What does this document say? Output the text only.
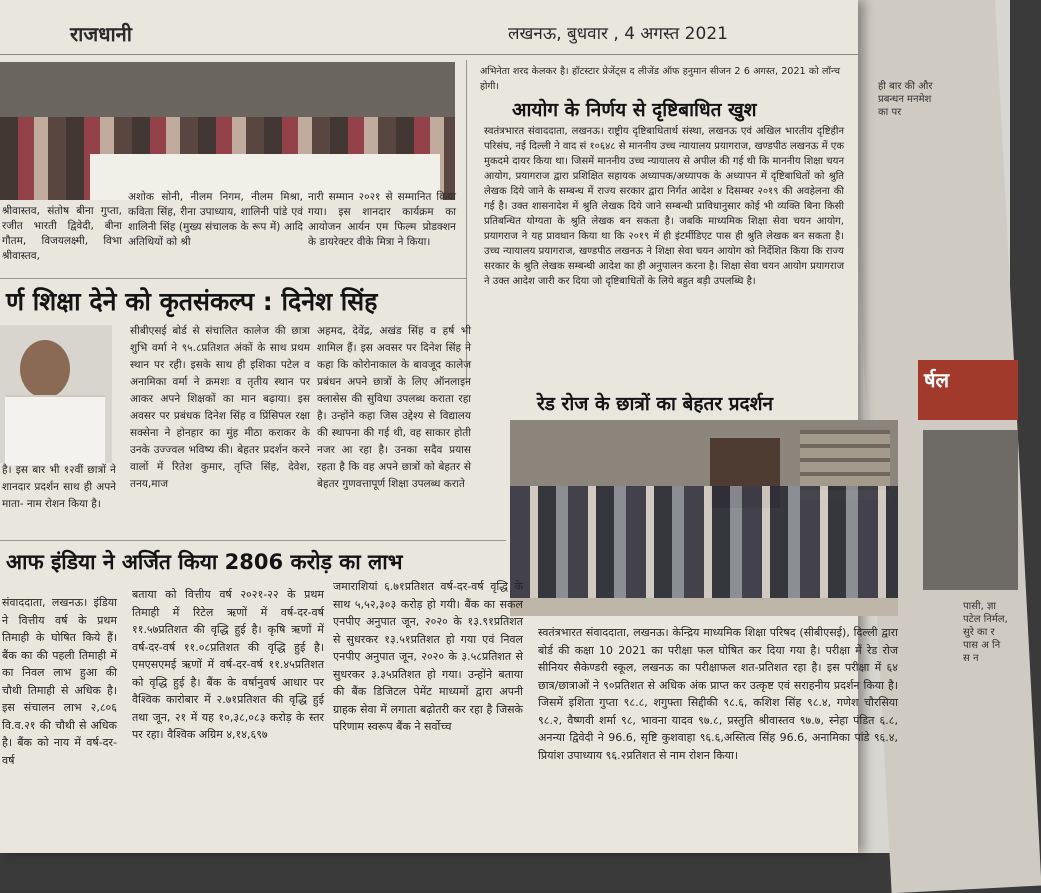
ही बार की और प्रबन्धन मनमेश का पर
र्षल
पासी, ज्ञा पटेल निर्मल, सुरे का र पास अ नि स न
राजधानी	लखनऊ, बुधवार , 4 अगस्त 2021
श्रीवास्तव, संतोष बीना गुप्ता, रजीत भारती द्विवेदी, बीना गौतम, विजयलक्ष्मी, विभा श्रीवास्तव,
अशोक सोनी, नीलम निगम, नीलम मिश्रा, कविता सिंह, रीना उपाध्याय, शालिनी पांडे एवं शालिनी सिंह (मुख्य संचालक के रूप में) आदि अतिथियों को श्री
नारी सम्मान २०२१ से सम्मानित किया गया। इस शानदार कार्यक्रम का आयोजन आर्यन एम फिल्म प्रोडक्शन के डायरेक्टर वीके मित्रा ने किया।
अभिनेता शरद केलकर है। हॉटस्टार प्रेजेंट्स द लीजेंड ऑफ हनुमान सीजन 2 6 अगस्त, 2021 को लॉन्च होगी।
आयोग के निर्णय से दृष्टिबाधित खुश
स्वतंत्रभारत संवाददाता, लखनऊ। राष्ट्रीय दृष्टिबाधितार्थ संस्था, लखनऊ एवं अखिल भारतीय दृष्टिहीन परिसंघ, नई दिल्ली ने वाद सं १०६४८ से माननीय उच्च न्यायालय प्रयागराज, खण्डपीठ लखनऊ में एक मुकदमे दायर किया था। जिसमें माननीय उच्च न्यायालय से अपील की गई थी कि माननीय शिक्षा चयन आयोग, प्रयागराज द्वारा प्रशिक्षित सहायक अध्यापक/अध्यापक के अध्यापन में दृष्टिबाधितों को श्रुति लेखक दिये जाने के सम्बन्ध में राज्य सरकार द्वारा निर्गत आदेश ४ दिसम्बर २०१९ की अवहेलना की गई है। उक्त शासनादेश में श्रुति लेखक दिये जाने सम्बन्धी प्राविधानुसार कोई भी व्यक्ति बिना किसी प्रतिबन्धित योग्यता के श्रुति लेखक बन सकता है। जबकि माध्यमिक शिक्षा सेवा चयन आयोग, प्रयागराज ने यह प्रावधान किया था कि २०१९ में ही इंटर्मीडिएट पास ही श्रुति लेखक बन सकता है। उच्च न्यायालय प्रयागराज, खण्डपीठ लखनऊ ने शिक्षा सेवा चयन आयोग को निर्देशित किया कि राज्य सरकार के श्रुति लेखक सम्बन्धी आदेश का ही अनुपालन करना है। शिक्षा सेवा चयन आयोग प्रयागराज ने उक्त आदेश जारी कर दिया जो दृष्टिबाधितों के लिये बहुत बड़ी उपलब्धि है।
र्ण शिक्षा देने को कृतसंकल्प : दिनेश सिंह
है। इस बार भी १२वीं छात्रों ने शानदार प्रदर्शन साथ ही अपने माता- नाम रोशन किया है।
सीबीएसई बोर्ड से संचालित कालेज की छात्रा शुभि वर्मा ने ९५.८प्रतिशत अंकों के साथ प्रथम स्थान पर रही। इसके साथ ही इशिका पटेल व अनामिका वर्मा ने क्रमशः व तृतीय स्थान पर आकर अपने शिक्षकों का मान बढ़ाया। इस अवसर पर प्रबंधक दिनेश सिंह व प्रिंसिपल रक्षा सक्सेना ने होनहार का मुंह मीठा कराकर के उनके उज्ज्वल भविष्य की। बेहतर प्रदर्शन करने वालों में रितेश कुमार, तृप्ति सिंह, देवेश, तनय,माज
अहमद, देवेंद्र, अखंड सिंह व हर्ष भी शामिल हैं। इस अवसर पर दिनेश सिंह ने कहा कि कोरोनाकाल के बावजूद कालेज प्रबंधन अपने छात्रों के लिए ऑनलाइन क्लासेस की सुविधा उपलब्ध कराता रहा है। उन्होंने कहा जिस उद्देश्य से विद्यालय की स्थापना की गई थी, वह साकार होती नजर आ रहा है। उनका सदैव प्रयास रहता है कि वह अपने छात्रों को बेहतर से बेहतर गुणवत्तापूर्ण शिक्षा उपलब्ध कराते
रेड रोज के छात्रों का बेहतर प्रदर्शन
स्वतंत्रभारत संवाददाता, लखनऊ। केन्द्रिय माध्यमिक शिक्षा परिषद (सीबीएसई), दिल्ली द्वारा बोर्ड की कक्षा 10 2021 का परीक्षा फल घोषित कर दिया गया है। परीक्षा में रेड रोज सीनियर सैकेण्डरी स्कूल, लखनऊ का परीक्षाफल शत-प्रतिशत रहा है। इस परीक्षा में ६४ छात्र/छात्राओं ने ९०प्रतिशत से अधिक अंक प्राप्त कर उत्कृष्ट एवं सराहनीय प्रदर्शन किया है। जिसमें इशिता गुप्ता ९८.८, शगुफ्ता सिद्दीकी ९८.६, कशिश सिंह ९८.४, गणेश चौरसिया ९८.२, वैष्णवी शर्मा ९८, भावना यादव ९७.८, प्रस्तुति श्रीवास्तव ९७.७, स्नेहा पंडित ६.८, अनन्या द्विवेदी ने 96.6, सृष्टि कुशवाहा ९६.६,अस्तित्व सिंह 96.6, अनामिका पांडे ९६.४, प्रियांश उपाध्याय ९६.२प्रतिशत से नाम रोशन किया।
आफ इंडिया ने अर्जित किया 2806 करोड़ का लाभ
संवाददाता, लखनऊ। इंडिया ने वित्तीय वर्ष के प्रथम तिमाही के घोषित किये हैं। बैंक का की पहली तिमाही में का निवल लाभ हुआ की चौथी तिमाही से अधिक है। इस संचालन लाभ २,८०६ वि.व.२१ की चौथी से अधिक है। बैंक को नाय में वर्ष-दर-वर्ष
बताया को वित्तीय वर्ष २०२१-२२ के प्रथम तिमाही में रिटेल ऋणों में वर्ष-दर-वर्ष ११.५७प्रतिशत की वृद्धि हुई है। कृषि ऋणों में वर्ष-दर-वर्ष ११.०८प्रतिशत की वृद्धि हुई है। एमएसएमई ऋणों में वर्ष-दर-वर्ष ११.४५प्रतिशत को वृद्धि हुई है। बैंक के वर्षानुवर्ष आधार पर वैश्विक कारोबार में २.७१प्रतिशत की वृद्धि हुई तथा जून, २१ में यह १०,३८,०८३ करोड़ के स्तर पर रहा। वैश्विक अग्रिम ४,१४,६९७
जमाराशियां ६.७१प्रतिशत वर्ष-दर-वर्ष वृद्धि के साथ ५,५२,३०३ करोड़ हो गयी। बैंक का सकल एनपीए अनुपात जून, २०२० के १३.९१प्रतिशत से सुधरकर १३.५१प्रतिशत हो गया एवं निवल एनपीए अनुपात जून, २०२० के ३.५८प्रतिशत से सुधरकर ३.३५प्रतिशत हो गया। उन्होंने बताया की बैंक डिजिटल पेमेंट माध्यमों द्वारा अपनी ग्राहक सेवा में लगाता बढ़ोतरी कर रहा है जिसके परिणाम स्वरूप बैंक ने सर्वोच्च
